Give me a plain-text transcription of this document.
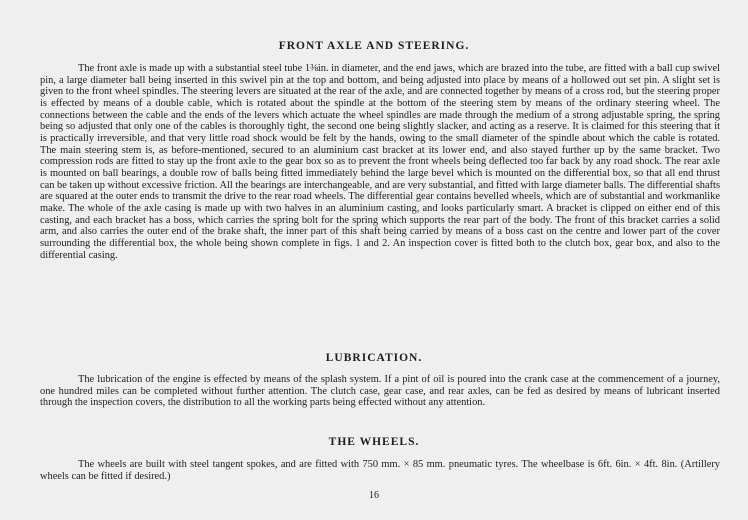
FRONT AXLE AND STEERING.

The front axle is made up with a substantial steel tube 1⅜in. in diameter, and the end jaws, which are brazed into the tube, are fitted with a ball cup swivel pin, a large diameter ball being inserted in this swivel pin at the top and bottom, and being adjusted into place by means of a hollowed out set pin. A slight set is given to the front wheel spindles. The steering levers are situated at the rear of the axle, and are connected together by means of a cross rod, but the steering proper is effected by means of a double cable, which is rotated about the spindle at the bottom of the steering stem by means of the ordinary steering wheel. The connections between the cable and the ends of the levers which actuate the wheel spindles are made through the medium of a strong adjustable spring, the spring being so adjusted that only one of the cables is thoroughly tight, the second one being slightly slacker, and acting as a reserve. It is claimed for this steering that it is practically irreversible, and that very little road shock would be felt by the hands, owing to the small diameter of the spindle about which the cable is rotated. The main steering stem is, as before-mentioned, secured to an aluminium cast bracket at its lower end, and also stayed further up by the same bracket. Two compression rods are fitted to stay up the front axle to the gear box so as to prevent the front wheels being deflected too far back by any road shock. The rear axle is mounted on ball bearings, a double row of balls being fitted immediately behind the large bevel which is mounted on the differential box, so that all end thrust can be taken up without excessive friction. All the bearings are interchangeable, and are very substantial, and fitted with large diameter balls. The differential shafts are squared at the outer ends to transmit the drive to the rear road wheels. The differential gear contains bevelled wheels, which are of substantial and workmanlike make. The whole of the axle casing is made up with two halves in an aluminium casting, and looks particularly smart. A bracket is clipped on either end of this casting, and each bracket has a boss, which carries the spring bolt for the spring which supports the rear part of the body. The front of this bracket carries a solid arm, and also carries the outer end of the brake shaft, the inner part of this shaft being carried by means of a boss cast on the centre and lower part of the cover surrounding the differential box, the whole being shown complete in figs. 1 and 2. An inspection cover is fitted both to the clutch box, gear box, and also to the differential casing.

LUBRICATION.

The lubrication of the engine is effected by means of the splash system. If a pint of oil is poured into the crank case at the commencement of a journey, one hundred miles can be completed without further attention. The clutch case, gear case, and rear axles, can be fed as desired by means of lubricant inserted through the inspection covers, the distribution to all the working parts being effected without any attention.

THE WHEELS.

The wheels are built with steel tangent spokes, and are fitted with 750 mm. × 85 mm. pneumatic tyres. The wheelbase is 6ft. 6in. × 4ft. 8in. (Artillery wheels can be fitted if desired.)

16
